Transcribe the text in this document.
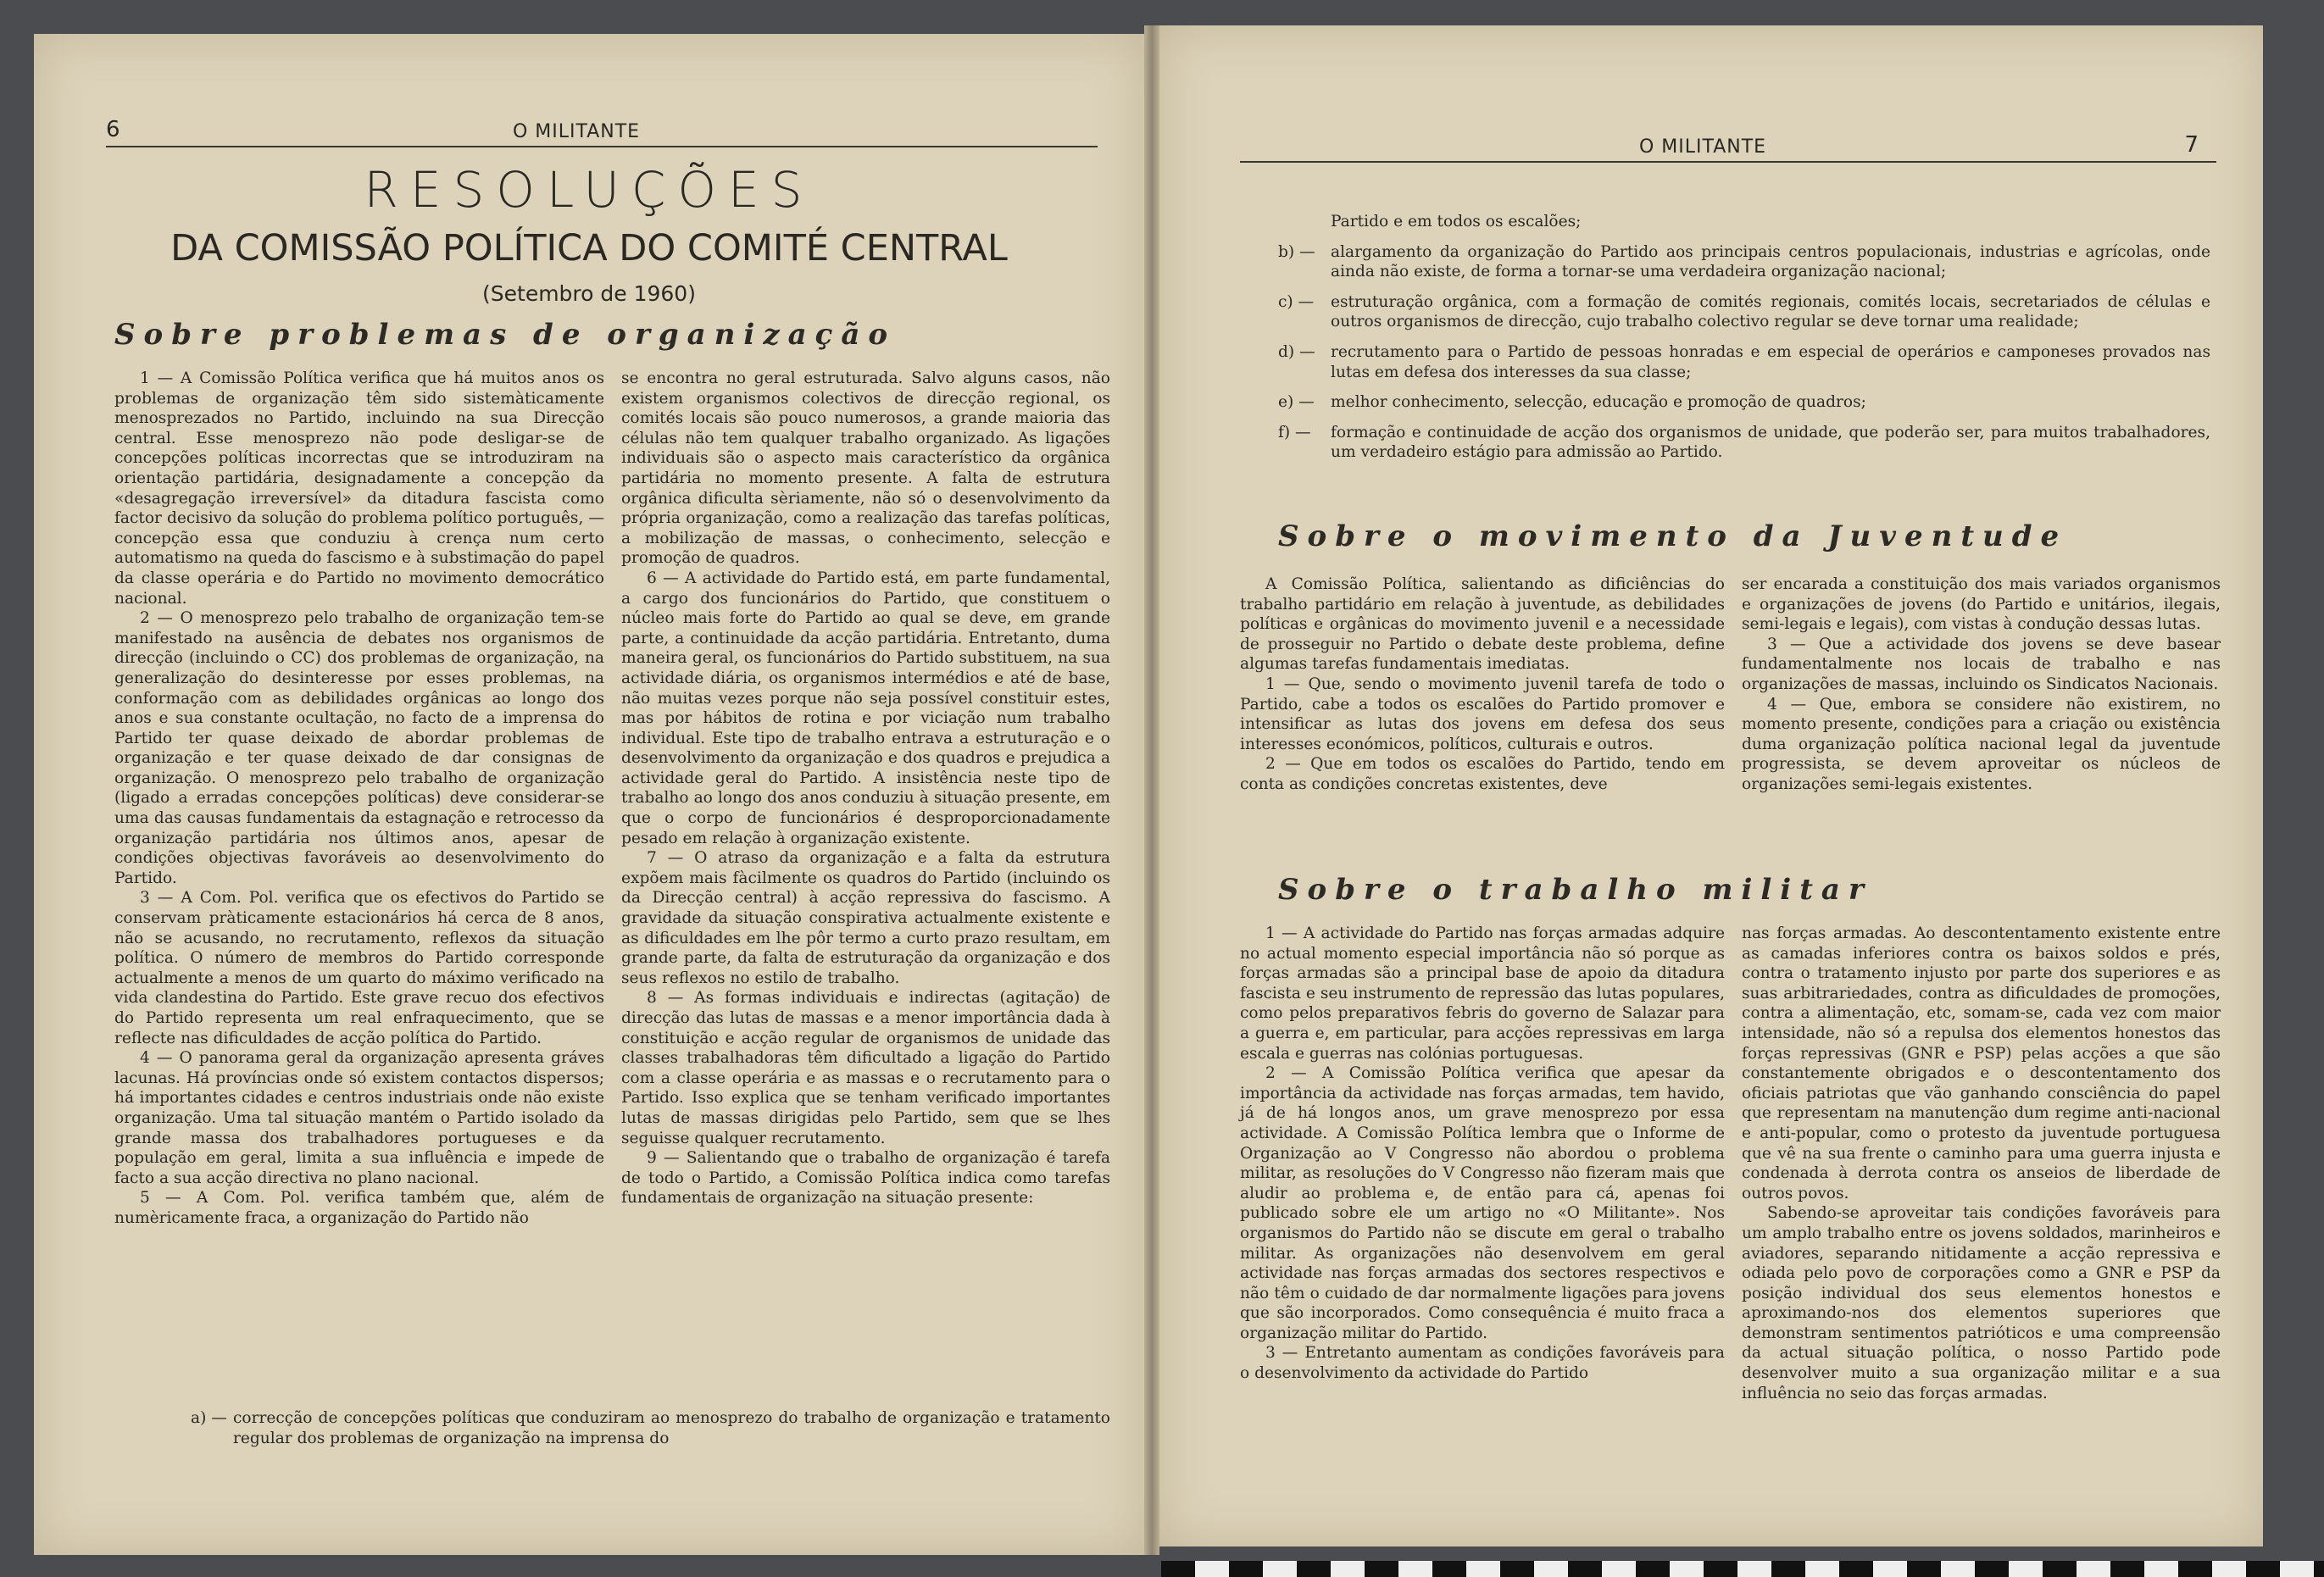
6	O MILITANTE
RESOLUÇÕES
DA COMISSÃO POLÍTICA DO COMITÉ CENTRAL
(Setembro de 1960)
Sobre problemas de organização

1 — A Comissão Política verifica que há muitos anos os problemas de organização têm sido sistemàticamente menosprezados no Partido, incluindo na sua Direcção central. Esse menosprezo não pode desligar-se de concepções políticas incorrectas que se introduziram na orientação partidária, designadamente a concepção da «desagregação irreversível» da ditadura fascista como factor decisivo da solução do problema político português, — concepção essa que conduziu à crença num certo automatismo na queda do fascismo e à substimação do papel da classe operária e do Partido no movimento democrático nacional.

2 — O menosprezo pelo trabalho de organização tem-se manifestado na ausência de debates nos organismos de direcção (incluindo o CC) dos problemas de organização, na generalização do desinteresse por esses problemas, na conformação com as debilidades orgânicas ao longo dos anos e sua constante ocultação, no facto de a imprensa do Partido ter quase deixado de abordar problemas de organização e ter quase deixado de dar consignas de organização. O menosprezo pelo trabalho de organização (ligado a erradas concepções políticas) deve considerar-se uma das causas fundamentais da estagnação e retrocesso da organização partidária nos últimos anos, apesar de condições objectivas favoráveis ao desenvolvimento do Partido.

3 — A Com. Pol. verifica que os efectivos do Partido se conservam pràticamente estacionários há cerca de 8 anos, não se acusando, no recrutamento, reflexos da situação política. O número de membros do Partido corresponde actualmente a menos de um quarto do máximo verificado na vida clandestina do Partido. Este grave recuo dos efectivos do Partido representa um real enfraquecimento, que se reflecte nas dificuldades de acção política do Partido.

4 — O panorama geral da organização apresenta gráves lacunas. Há províncias onde só existem contactos dispersos; há importantes cidades e centros industriais onde não existe organização. Uma tal situação mantém o Partido isolado da grande massa dos trabalhadores portugueses e da população em geral, limita a sua influência e impede de facto a sua acção directiva no plano nacional.

5 — A Com. Pol. verifica também que, além de numèricamente fraca, a organização do Partido não

se encontra no geral estruturada. Salvo alguns casos, não existem organismos colectivos de direcção regional, os comités locais são pouco numerosos, a grande maioria das células não tem qualquer trabalho organizado. As ligações individuais são o aspecto mais característico da orgânica partidária no momento presente. A falta de estrutura orgânica dificulta sèriamente, não só o desenvolvimento da própria organização, como a realização das tarefas políticas, a mobilização de massas, o conhecimento, selecção e promoção de quadros.

6 — A actividade do Partido está, em parte fundamental, a cargo dos funcionários do Partido, que constituem o núcleo mais forte do Partido ao qual se deve, em grande parte, a continuidade da acção partidária. Entretanto, duma maneira geral, os funcionários do Partido substituem, na sua actividade diária, os organismos intermédios e até de base, não muitas vezes porque não seja possível constituir estes, mas por hábitos de rotina e por viciação num trabalho individual. Este tipo de trabalho entrava a estruturação e o desenvolvimento da organização e dos quadros e prejudica a actividade geral do Partido. A insistência neste tipo de trabalho ao longo dos anos conduziu à situação presente, em que o corpo de funcionários é desproporcionadamente pesado em relação à organização existente.

7 — O atraso da organização e a falta da estrutura expõem mais fàcilmente os quadros do Partido (incluindo os da Direcção central) à acção repressiva do fascismo. A gravidade da situação conspirativa actualmente existente e as dificuldades em lhe pôr termo a curto prazo resultam, em grande parte, da falta de estruturação da organização e dos seus reflexos no estilo de trabalho.

8 — As formas individuais e indirectas (agitação) de direcção das lutas de massas e a menor importância dada à constituição e acção regular de organismos de unidade das classes trabalhadoras têm dificultado a ligação do Partido com a classe operária e as massas e o recrutamento para o Partido. Isso explica que se tenham verificado importantes lutas de massas dirigidas pelo Partido, sem que se lhes seguisse qualquer recrutamento.

9 — Salientando que o trabalho de organização é tarefa de todo o Partido, a Comissão Política indica como tarefas fundamentais de organização na situação presente:

a) — correcção de concepções políticas que conduziram ao menosprezo do trabalho de organização e tratamento regular dos problemas de organização na imprensa do
O MILITANTE	7
Partido e em todos os escalões;
b) — alargamento da organização do Partido aos principais centros populacionais, industrias e agrícolas, onde ainda não existe, de forma a tornar-se uma verdadeira organização nacional;
c) —	estruturação orgânica, com a formação de comités regionais, comités locais, secretariados de células e outros organismos de direcção, cujo trabalho colectivo regular se deve tornar uma realidade;
d) — recrutamento para o Partido de pessoas honradas e em especial de operários e camponeses provados nas lutas em defesa dos interesses da sua classe;
e) —	melhor conhecimento, selecção, educação e promoção de quadros;
f) —	formação e continuidade de acção dos organismos de unidade, que poderão ser, para muitos trabalhadores, um verdadeiro estágio para admissão ao Partido.
Sobre o movimento da Juventude

A Comissão Política, salientando as dificiências do trabalho partidário em relação à juventude, as debilidades políticas e orgânicas do movimento juvenil e a necessidade de prosseguir no Partido o debate deste problema, define algumas tarefas fundamentais imediatas.

1 — Que, sendo o movimento juvenil tarefa de todo o Partido, cabe a todos os escalões do Partido promover e intensificar as lutas dos jovens em defesa dos seus interesses económicos, políticos, culturais e outros.

2 — Que em todos os escalões do Partido, tendo em conta as condições concretas existentes, deve

ser encarada a constituição dos mais variados organismos e organizações de jovens (do Partido e unitários, ilegais, semi-legais e legais), com vistas à condução dessas lutas.

3 — Que a actividade dos jovens se deve basear fundamentalmente nos locais de trabalho e nas organizações de massas, incluindo os Sindicatos Nacionais.

4 — Que, embora se considere não existirem, no momento presente, condições para a criação ou existência duma organização política nacional legal da juventude progressista, se devem aproveitar os núcleos de organizações semi-legais existentes.

Sobre o trabalho militar

1 — A actividade do Partido nas forças armadas adquire no actual momento especial importância não só porque as forças armadas são a principal base de apoio da ditadura fascista e seu instrumento de repressão das lutas populares, como pelos preparativos febris do governo de Salazar para a guerra e, em particular, para acções repressivas em larga escala e guerras nas colónias portuguesas.

2 — A Comissão Política verifica que apesar da importância da actividade nas forças armadas, tem havido, já de há longos anos, um grave menosprezo por essa actividade. A Comissão Política lembra que o Informe de Organização ao V Congresso não abordou o problema militar, as resoluções do V Congresso não fizeram mais que aludir ao problema e, de então para cá, apenas foi publicado sobre ele um artigo no «O Militante». Nos organismos do Partido não se discute em geral o trabalho militar. As organizações não desenvolvem em geral actividade nas forças armadas dos sectores respectivos e não têm o cuidado de dar normalmente ligações para jovens que são incorporados. Como consequência é muito fraca a organização militar do Partido.

3 — Entretanto aumentam as condições favoráveis para o desenvolvimento da actividade do Partido

nas forças armadas. Ao descontentamento existente entre as camadas inferiores contra os baixos soldos e prés, contra o tratamento injusto por parte dos superiores e as suas arbitrariedades, contra as dificuldades de promoções, contra a alimentação, etc, somam-se, cada vez com maior intensidade, não só a repulsa dos elementos honestos das forças repressivas (GNR e PSP) pelas acções a que são constantemente obrigados e o descontentamento dos oficiais patriotas que vão ganhando consciência do papel que representam na manutenção dum regime anti-nacional e anti-popular, como o protesto da juventude portuguesa que vê na sua frente o caminho para uma guerra injusta e condenada à derrota contra os anseios de liberdade de outros povos.

Sabendo-se aproveitar tais condições favoráveis para um amplo trabalho entre os jovens soldados, marinheiros e aviadores, separando nitidamente a acção repressiva e odiada pelo povo de corporações como a GNR e PSP da posição individual dos seus elementos honestos e aproximando-nos dos elementos superiores que demonstram sentimentos patrióticos e uma compreensão da actual situação política, o nosso Partido pode desenvolver muito a sua organização militar e a sua influência no seio das forças armadas.
